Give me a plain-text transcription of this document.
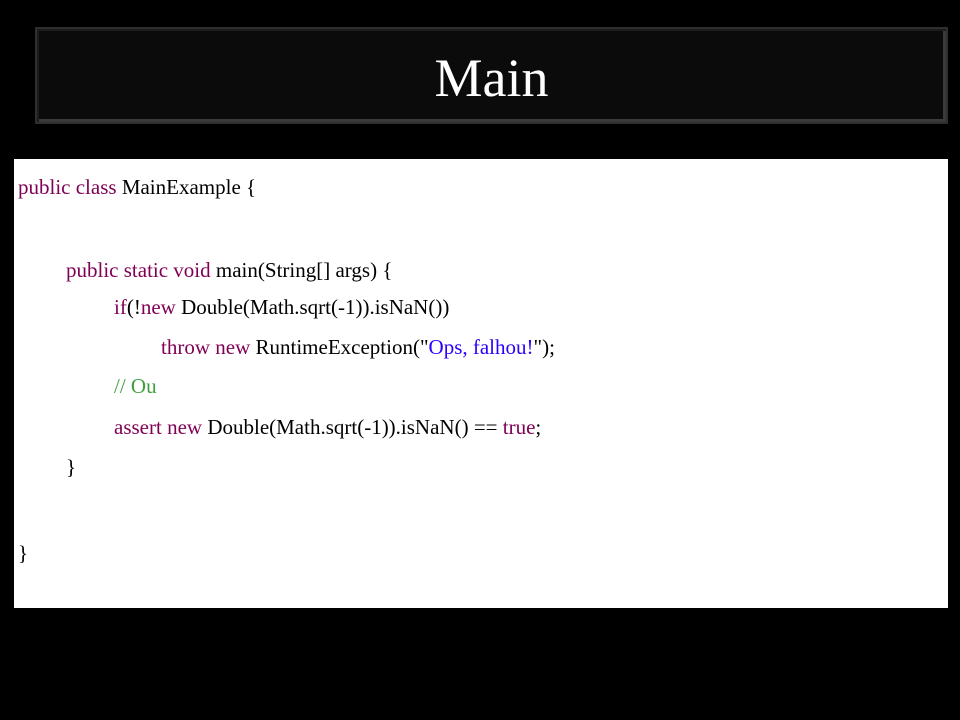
Main
public class MainExample {
public static void main(String[] args) {
if(!new Double(Math.sqrt(-1)).isNaN())
throw new RuntimeException("Ops, falhou!");
// Ou
assert new Double(Math.sqrt(-1)).isNaN() == true;
}
}
